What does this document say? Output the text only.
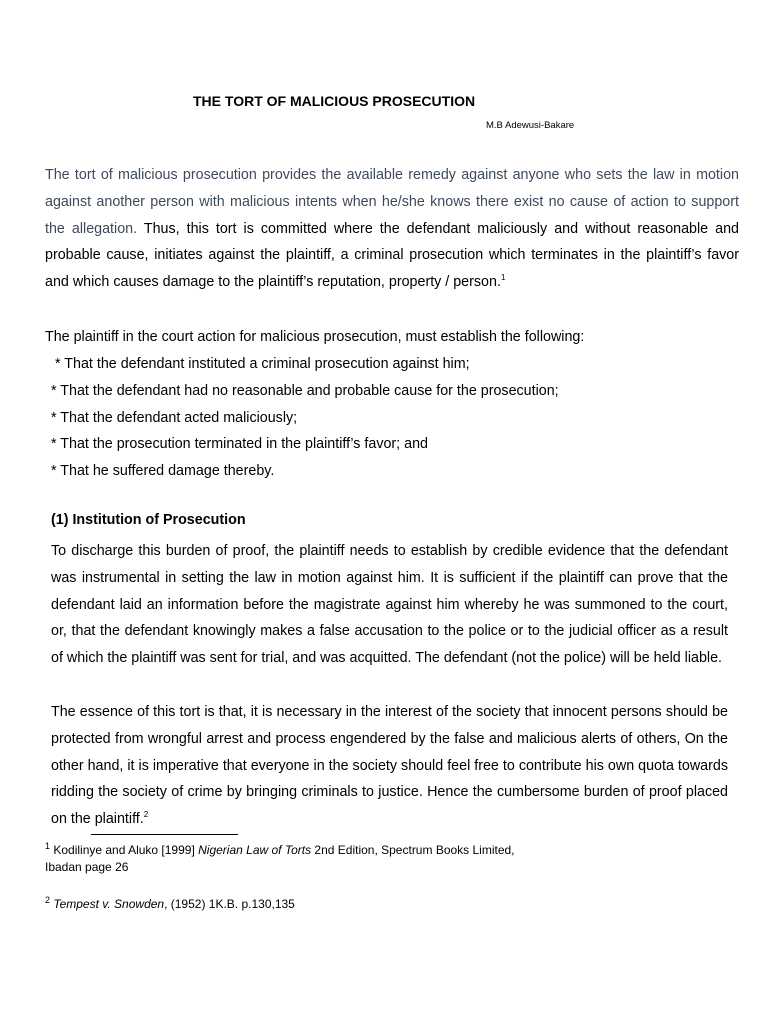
THE TORT OF MALICIOUS PROSECUTION
M.B Adewusi-Bakare

The tort of malicious prosecution provides the available remedy against anyone who sets the law in motion against another person with malicious intents when he/she knows there exist no cause of action to support the allegation. Thus, this tort is committed where the defendant maliciously and without reasonable and probable cause, initiates against the plaintiff, a criminal prosecution which terminates in the plaintiff’s favor and which causes damage to the plaintiff’s reputation, property / person.$^1$

The plaintiff in the court action for malicious prosecution, must establish the following:

* That the defendant instituted a criminal prosecution against him;
* That the defendant had no reasonable and probable cause for the prosecution;
* That the defendant acted maliciously;
* That the prosecution terminated in the plaintiff’s favor; and
* That he suffered damage thereby.
(1) Institution of Prosecution

To discharge this burden of proof, the plaintiff needs to establish by credible evidence that the defendant was instrumental in setting the law in motion against him. It is sufficient if the plaintiff can prove that the defendant laid an information before the magistrate against him whereby he was summoned to the court, or, that the defendant knowingly makes a false accusation to the police or to the judicial officer as a result of which the plaintiff was sent for trial, and was acquitted. The defendant (not the police) will be held liable.

The essence of this tort is that, it is necessary in the interest of the society that innocent persons should be protected from wrongful arrest and process engendered by the false and malicious alerts of others, On the other hand, it is imperative that everyone in the society should feel free to contribute his own quota towards ridding the society of crime by bringing criminals to justice. Hence the cumbersome burden of proof placed on the plaintiff.$^2$

$^1$ Kodilinye and Aluko [1999] Nigerian Law of Torts 2nd Edition, Spectrum Books Limited,
Ibadan page 26

$^2$ Tempest v. Snowden, (1952) 1K.B. p.130,135
